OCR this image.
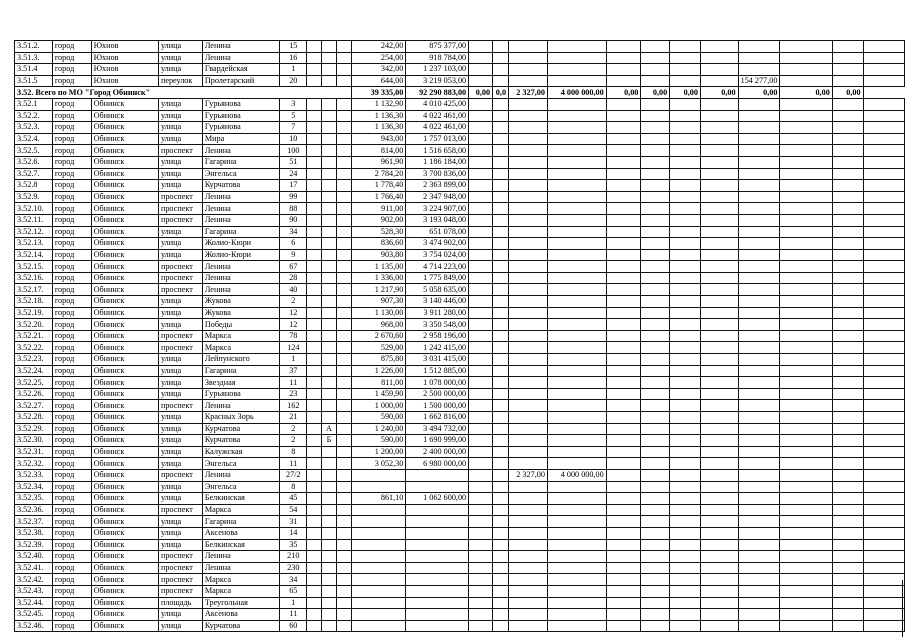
3.51.2.	город	Юхнов	улица	Ленина	15				242,00	875 377,00												
3.51.3.	город	Юхнов	улица	Ленина	16				254,00	918 784,00												
3.51.4	город	Юхнов	улица	Гвардейская	1				342,00	1 237 103,00												
3.51.5	город	Юхнов	переулок	Пролетарский	20				644,00	3 219 053,00									154 277,00			
3.52. Всего по МО "Город Обнинск"									39 335,00	92 290 883,00	0,00	0,0	2 327,00	4 000 000,00	0,00	0,00	0,00	0,00	0,00	0,00	0,00	
3.52.1	город	Обнинск	улица	Гурьянова	3				1 132,90	4 010 425,00												
3.52.2.	город	Обнинск	улица	Гурьянова	5				1 136,30	4 022 461,00												
3.52.3.	город	Обнинск	улица	Гурьянова	7				1 136,30	4 022 461,00												
3.52.4.	город	Обнинск	улица	Мира	10				943,00	1 757 013,00												
3.52.5.	город	Обнинск	проспект	Ленина	100				814,00	1 516 658,00												
3.52.6.	город	Обнинск	улица	Гагарина	51				961,90	1 186 184,00												
3.52.7.	город	Обнинск	улица	Энгельса	24				2 784,20	3 700 836,00												
3.52.8	город	Обнинск	улица	Курчатова	17				1 778,40	2 363 899,00												
3.52.9.	город	Обнинск	проспект	Ленина	99				1 766,40	2 347 948,00												
3.52.10.	город	Обнинск	проспект	Ленина	88				911,00	3 224 907,00												
3.52.11.	город	Обнинск	проспект	Ленина	90				902,00	3 193 048,00												
3.52.12.	город	Обнинск	улица	Гагарина	34				528,30	651 078,00												
3.52.13.	город	Обнинск	улица	Жолио-Кюри	6				836,60	3 474 902,00												
3.52.14.	город	Обнинск	улица	Жолио-Кюри	9				903,80	3 754 024,00												
3.52.15.	город	Обнинск	проспект	Ленина	67				1 135,00	4 714 223,00												
3.52.16.	город	Обнинск	проспект	Ленина	28				1 336,00	1 775 849,00												
3.52.17.	город	Обнинск	проспект	Ленина	40				1 217,90	5 058 635,00												
3.52.18.	город	Обнинск	улица	Жукова	2				907,30	3 140 446,00												
3.52.19.	город	Обнинск	улица	Жукова	12				1 130,00	3 911 280,00												
3.52.20.	город	Обнинск	улица	Победы	12				968,00	3 350 548,00												
3.52.21.	город	Обнинск	проспект	Маркса	78				2 670,60	2 958 196,00												
3.52.22.	город	Обнинск	проспект	Маркса	124				529,00	1 242 415,00												
3.52.23.	город	Обнинск	улица	Лейпунского	1				875,80	3 031 415,00												
3.52.24.	город	Обнинск	улица	Гагарина	37				1 226,00	1 512 885,00												
3.52.25.	город	Обнинск	улица	Звездная	11				811,00	1 078 000,00												
3.52.26.	город	Обнинск	улица	Гурьянова	23				1 459,90	2 500 000,00												
3.52.27.	город	Обнинск	проспект	Ленина	162				1 000,00	1 500 000,00												
3.52.28.	город	Обнинск	улица	Красных Зорь	21				590,00	1 662 816,00												
3.52.29.	город	Обнинск	улица	Курчатова	2		А		1 240,00	3 494 732,00												
3.52.30.	город	Обнинск	улица	Курчатова	2		Б		590,00	1 690 999,00												
3.52.31.	город	Обнинск	улица	Калужская	8				1 200,00	2 400 000,00												
3.52.32.	город	Обнинск	улица	Энгельса	11				3 052,30	6 980 000,00												
3.52.33.	город	Обнинск	проспект	Ленина	27/2								2 327,00	4 000 000,00								
3.52.34.	город	Обнинск	улица	Энгельса	8																	
3.52.35.	город	Обнинск	улица	Белкинская	45				861,10	1 062 600,00												
3.52.36.	город	Обнинск	проспект	Маркса	54																	
3.52.37.	город	Обнинск	улица	Гагарина	31																	
3.52.38.	город	Обнинск	улица	Аксенова	14																	
3.52.39.	город	Обнинск	улица	Белкинская	35																	
3.52.40.	город	Обнинск	проспект	Ленина	210																	
3.52.41.	город	Обнинск	проспект	Ленина	230																	
3.52.42.	город	Обнинск	проспект	Маркса	34																	
3.52.43.	город	Обнинск	проспект	Маркса	65																	
3.52.44.	город	Обнинск	площадь	Треугольная	1																	
3.52.45.	город	Обнинск	улица	Аксенова	11																	
3.52.46.	город	Обнинск	улица	Курчатова	60																	
